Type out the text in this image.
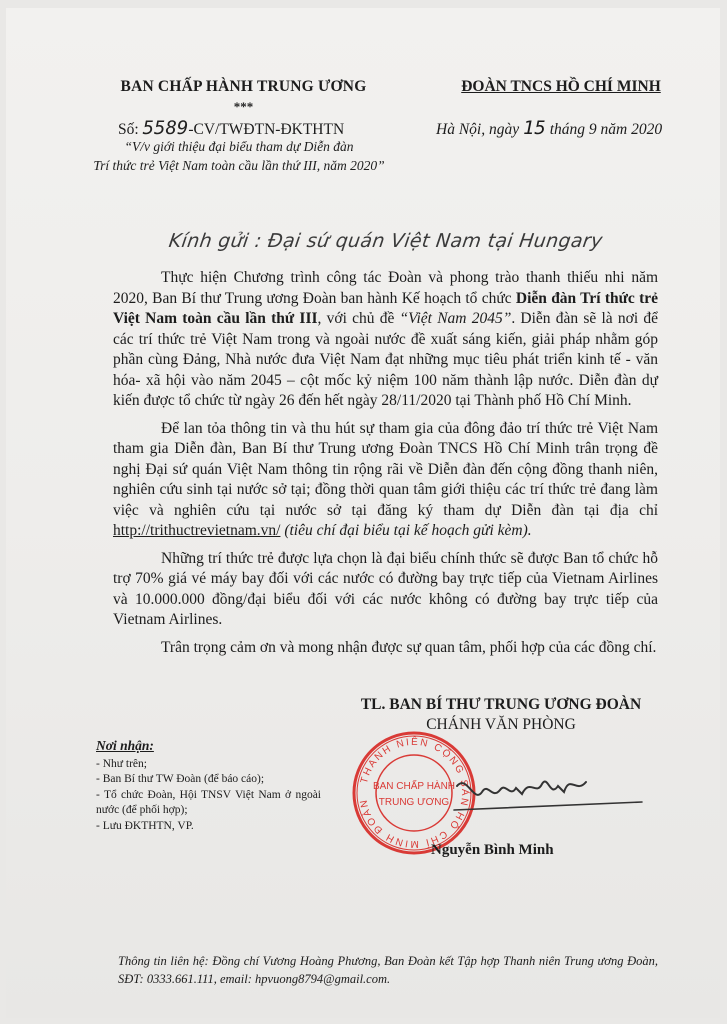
BAN CHẤP HÀNH TRUNG ƯƠNG
***
ĐOÀN TNCS HỒ CHÍ MINH
Số: 5589-CV/TWĐTN-ĐKTHTN
“V/v giới thiệu đại biểu tham dự Diễn đàn
Trí thức trẻ Việt Nam toàn cầu lần thứ III, năm 2020”
Hà Nội, ngày 15 tháng 9 năm 2020
Kính gửi : Đại sứ quán Việt Nam tại Hungary

Thực hiện Chương trình công tác Đoàn và phong trào thanh thiếu nhi năm 2020, Ban Bí thư Trung ương Đoàn ban hành Kế hoạch tổ chức Diễn đàn Trí thức trẻ Việt Nam toàn cầu lần thứ III, với chủ đề “Việt Nam 2045”. Diễn đàn sẽ là nơi để các trí thức trẻ Việt Nam trong và ngoài nước đề xuất sáng kiến, giải pháp nhằm góp phần cùng Đảng, Nhà nước đưa Việt Nam đạt những mục tiêu phát triển kinh tế - văn hóa- xã hội vào năm 2045 – cột mốc kỷ niệm 100 năm thành lập nước. Diễn đàn dự kiến được tổ chức từ ngày 26 đến hết ngày 28/11/2020 tại Thành phố Hồ Chí Minh.

Để lan tỏa thông tin và thu hút sự tham gia của đông đảo trí thức trẻ Việt Nam tham gia Diễn đàn, Ban Bí thư Trung ương Đoàn TNCS Hồ Chí Minh trân trọng đề nghị Đại sứ quán Việt Nam thông tin rộng rãi về Diễn đàn đến cộng đồng thanh niên, nghiên cứu sinh tại nước sở tại; đồng thời quan tâm giới thiệu các trí thức trẻ đang làm việc và nghiên cứu tại nước sở tại đăng ký tham dự Diễn đàn tại địa chỉ http://trithuctrevietnam.vn/ (tiêu chí đại biểu tại kế hoạch gửi kèm).

Những trí thức trẻ được lựa chọn là đại biểu chính thức sẽ được Ban tổ chức hỗ trợ 70% giá vé máy bay đối với các nước có đường bay trực tiếp của Vietnam Airlines và 10.000.000 đồng/đại biểu đối với các nước không có đường bay trực tiếp của Vietnam Airlines.

Trân trọng cảm ơn và mong nhận được sự quan tâm, phối hợp của các đồng chí.

TL. BAN BÍ THƯ TRUNG ƯƠNG ĐOÀN
CHÁNH VĂN PHÒNG
THANH NIÊN CỘNG SẢN HỒ CHÍ MINH ĐOÀN
BAN CHẤP HÀNH
TRUNG ƯƠNG
Nguyễn Bình Minh
Nơi nhận:
- Như trên;
- Ban Bí thư TW Đoàn (để báo cáo);
- Tổ chức Đoàn, Hội TNSV Việt Nam ở ngoài nước (để phối hợp);
- Lưu ĐKTHTN, VP.
Thông tin liên hệ: Đồng chí Vương Hoàng Phương, Ban Đoàn kết Tập hợp Thanh niên Trung ương Đoàn, SĐT: 0333.661.111, email: hpvuong8794@gmail.com.
